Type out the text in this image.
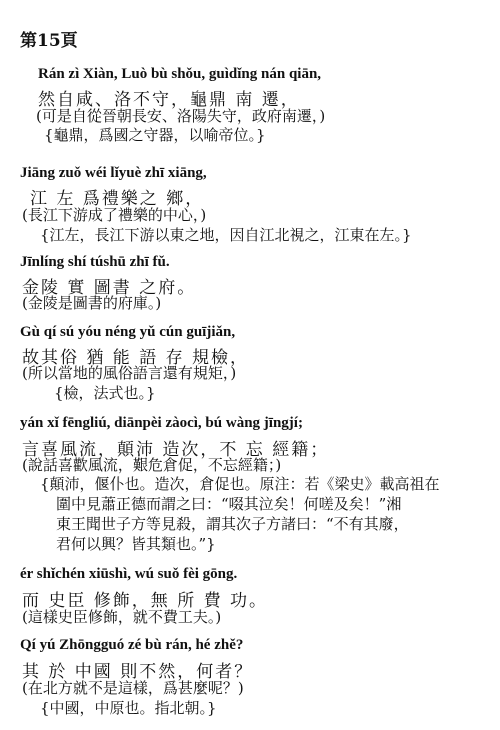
第15頁
Rán zì Xiàn, Luò bù shǒu, guìdǐng nán qiān,
然自咸、洛不守，龜鼎 南 遷，
(可是自從晉朝長安、洛陽失守，政府南遷，)
{龜鼎，爲國之守器，以喻帝位。}
Jiāng zuǒ wéi lǐyuè zhī xiāng,
江 左 爲禮樂之 鄉，
(長江下游成了禮樂的中心，)
{江左，長江下游以東之地，因自江北視之，江東在左。}
Jīnlíng shí túshū zhī fǔ.
金陵 實 圖書 之府。
(金陵是圖書的府庫。)
Gù qí sú yóu néng yǔ cún guījiǎn,
故其俗 猶 能 語 存 規檢，
(所以當地的風俗語言還有規矩，)
{檢，法式也。}
yán xǐ fēngliú, diānpèi zàocì, bú wàng jīngjí;
言喜風流，顛沛 造次，不 忘 經籍；
(說話喜歡風流，艱危倉促，不忘經籍；)
{顛沛，偃仆也。造次，倉促也。原注：若《梁史》載高祖在
圍中見蕭正德而謂之曰：“啜其泣矣！何嗟及矣！”湘
東王聞世子方等見殺，謂其次子方諸曰：“不有其廢，
君何以興？皆其類也。”}
ér shǐchén xiūshì, wú suǒ fèi gōng.
而 史臣 修飾，無 所 費 功。
(這樣史臣修飾，就不費工夫。)
Qí yú Zhōngguó zé bù rán, hé zhě?
其 於 中國 則不然，何者？
(在北方就不是這樣，爲甚麼呢？)
{中國，中原也。指北朝。}
